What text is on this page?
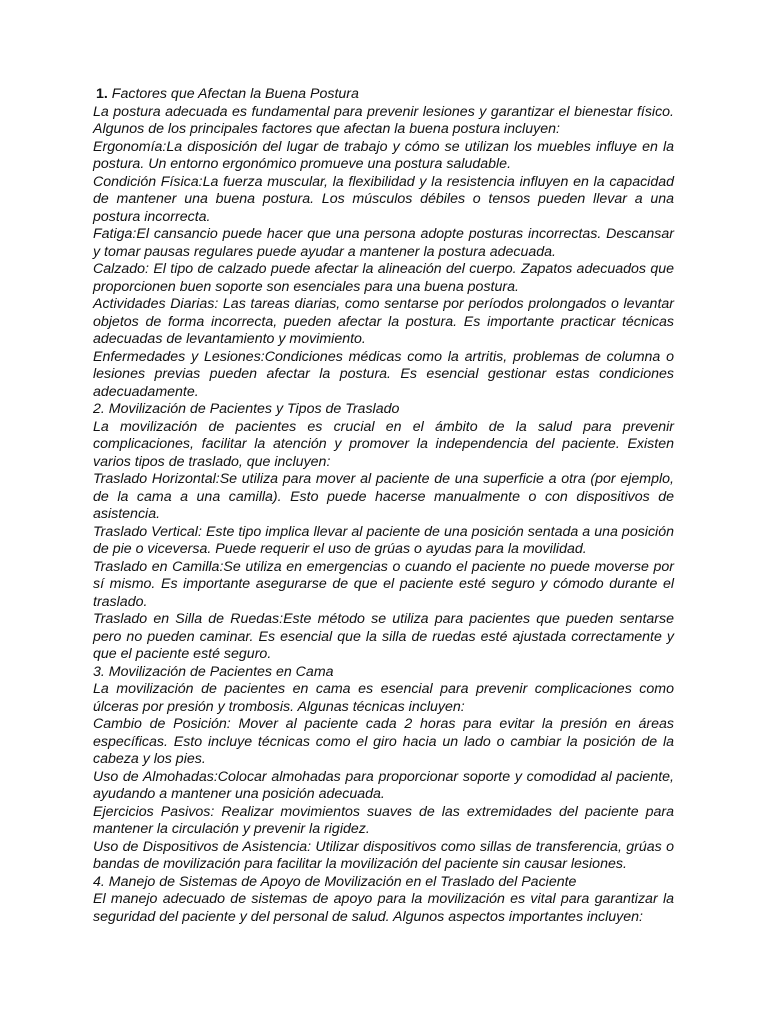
1. Factores que Afectan la Buena Postura

La postura adecuada es fundamental para prevenir lesiones y garantizar el bienestar físico. Algunos de los principales factores que afectan la buena postura incluyen:

Ergonomía:La disposición del lugar de trabajo y cómo se utilizan los muebles influye en la postura. Un entorno ergonómico promueve una postura saludable.

Condición Física:La fuerza muscular, la flexibilidad y la resistencia influyen en la capacidad de mantener una buena postura. Los músculos débiles o tensos pueden llevar a una postura incorrecta.

Fatiga:El cansancio puede hacer que una persona adopte posturas incorrectas. Descansar y tomar pausas regulares puede ayudar a mantener la postura adecuada.

Calzado: El tipo de calzado puede afectar la alineación del cuerpo. Zapatos adecuados que proporcionen buen soporte son esenciales para una buena postura.

Actividades Diarias: Las tareas diarias, como sentarse por períodos prolongados o levantar objetos de forma incorrecta, pueden afectar la postura. Es importante practicar técnicas adecuadas de levantamiento y movimiento.

Enfermedades y Lesiones:Condiciones médicas como la artritis, problemas de columna o lesiones previas pueden afectar la postura. Es esencial gestionar estas condiciones adecuadamente.

2. Movilización de Pacientes y Tipos de Traslado

La movilización de pacientes es crucial en el ámbito de la salud para prevenir complicaciones, facilitar la atención y promover la independencia del paciente. Existen varios tipos de traslado, que incluyen:

Traslado Horizontal:Se utiliza para mover al paciente de una superficie a otra (por ejemplo, de la cama a una camilla). Esto puede hacerse manualmente o con dispositivos de asistencia.

Traslado Vertical: Este tipo implica llevar al paciente de una posición sentada a una posición de pie o viceversa. Puede requerir el uso de grúas o ayudas para la movilidad.

Traslado en Camilla:Se utiliza en emergencias o cuando el paciente no puede moverse por sí mismo. Es importante asegurarse de que el paciente esté seguro y cómodo durante el traslado.

Traslado en Silla de Ruedas:Este método se utiliza para pacientes que pueden sentarse pero no pueden caminar. Es esencial que la silla de ruedas esté ajustada correctamente y que el paciente esté seguro.

3. Movilización de Pacientes en Cama

La movilización de pacientes en cama es esencial para prevenir complicaciones como úlceras por presión y trombosis. Algunas técnicas incluyen:

Cambio de Posición: Mover al paciente cada 2 horas para evitar la presión en áreas específicas. Esto incluye técnicas como el giro hacia un lado o cambiar la posición de la cabeza y los pies.

Uso de Almohadas:Colocar almohadas para proporcionar soporte y comodidad al paciente, ayudando a mantener una posición adecuada.

Ejercicios Pasivos: Realizar movimientos suaves de las extremidades del paciente para mantener la circulación y prevenir la rigidez.

Uso de Dispositivos de Asistencia: Utilizar dispositivos como sillas de transferencia, grúas o bandas de movilización para facilitar la movilización del paciente sin causar lesiones.

4. Manejo de Sistemas de Apoyo de Movilización en el Traslado del Paciente

El manejo adecuado de sistemas de apoyo para la movilización es vital para garantizar la seguridad del paciente y del personal de salud. Algunos aspectos importantes incluyen:
